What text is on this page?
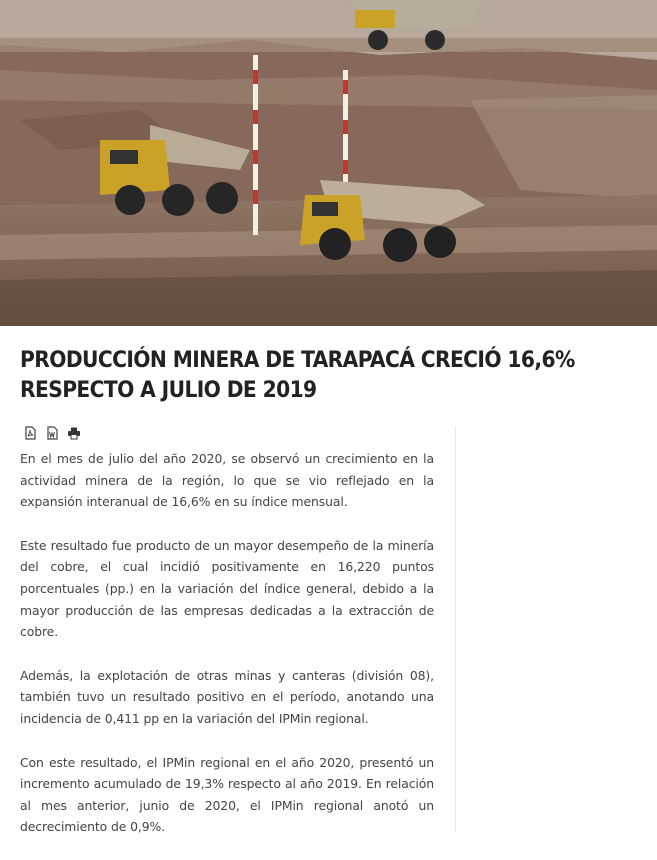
PRODUCCIÓN MINERA DE TARAPACÁ CRECIÓ 16,6% RESPECTO A JULIO DE 2019

En el mes de julio del año 2020, se observó un crecimiento en la actividad minera de la región, lo que se vio reflejado en la expansión interanual de 16,6% en su índice mensual.

Este resultado fue producto de un mayor desempeño de la minería del cobre, el cual incidió positivamente en 16,220 puntos porcentuales (pp.) en la variación del índice general, debido a la mayor producción de las empresas dedicadas a la extracción de cobre.

Además, la explotación de otras minas y canteras (división 08), también tuvo un resultado positivo en el período, anotando una incidencia de 0,411 pp en la variación del IPMin regional.

Con este resultado, el IPMin regional en el año 2020, presentó un incremento acumulado de 19,3% respecto al año 2019. En relación al mes anterior, junio de 2020, el IPMin regional anotó un decrecimiento de 0,9%.
